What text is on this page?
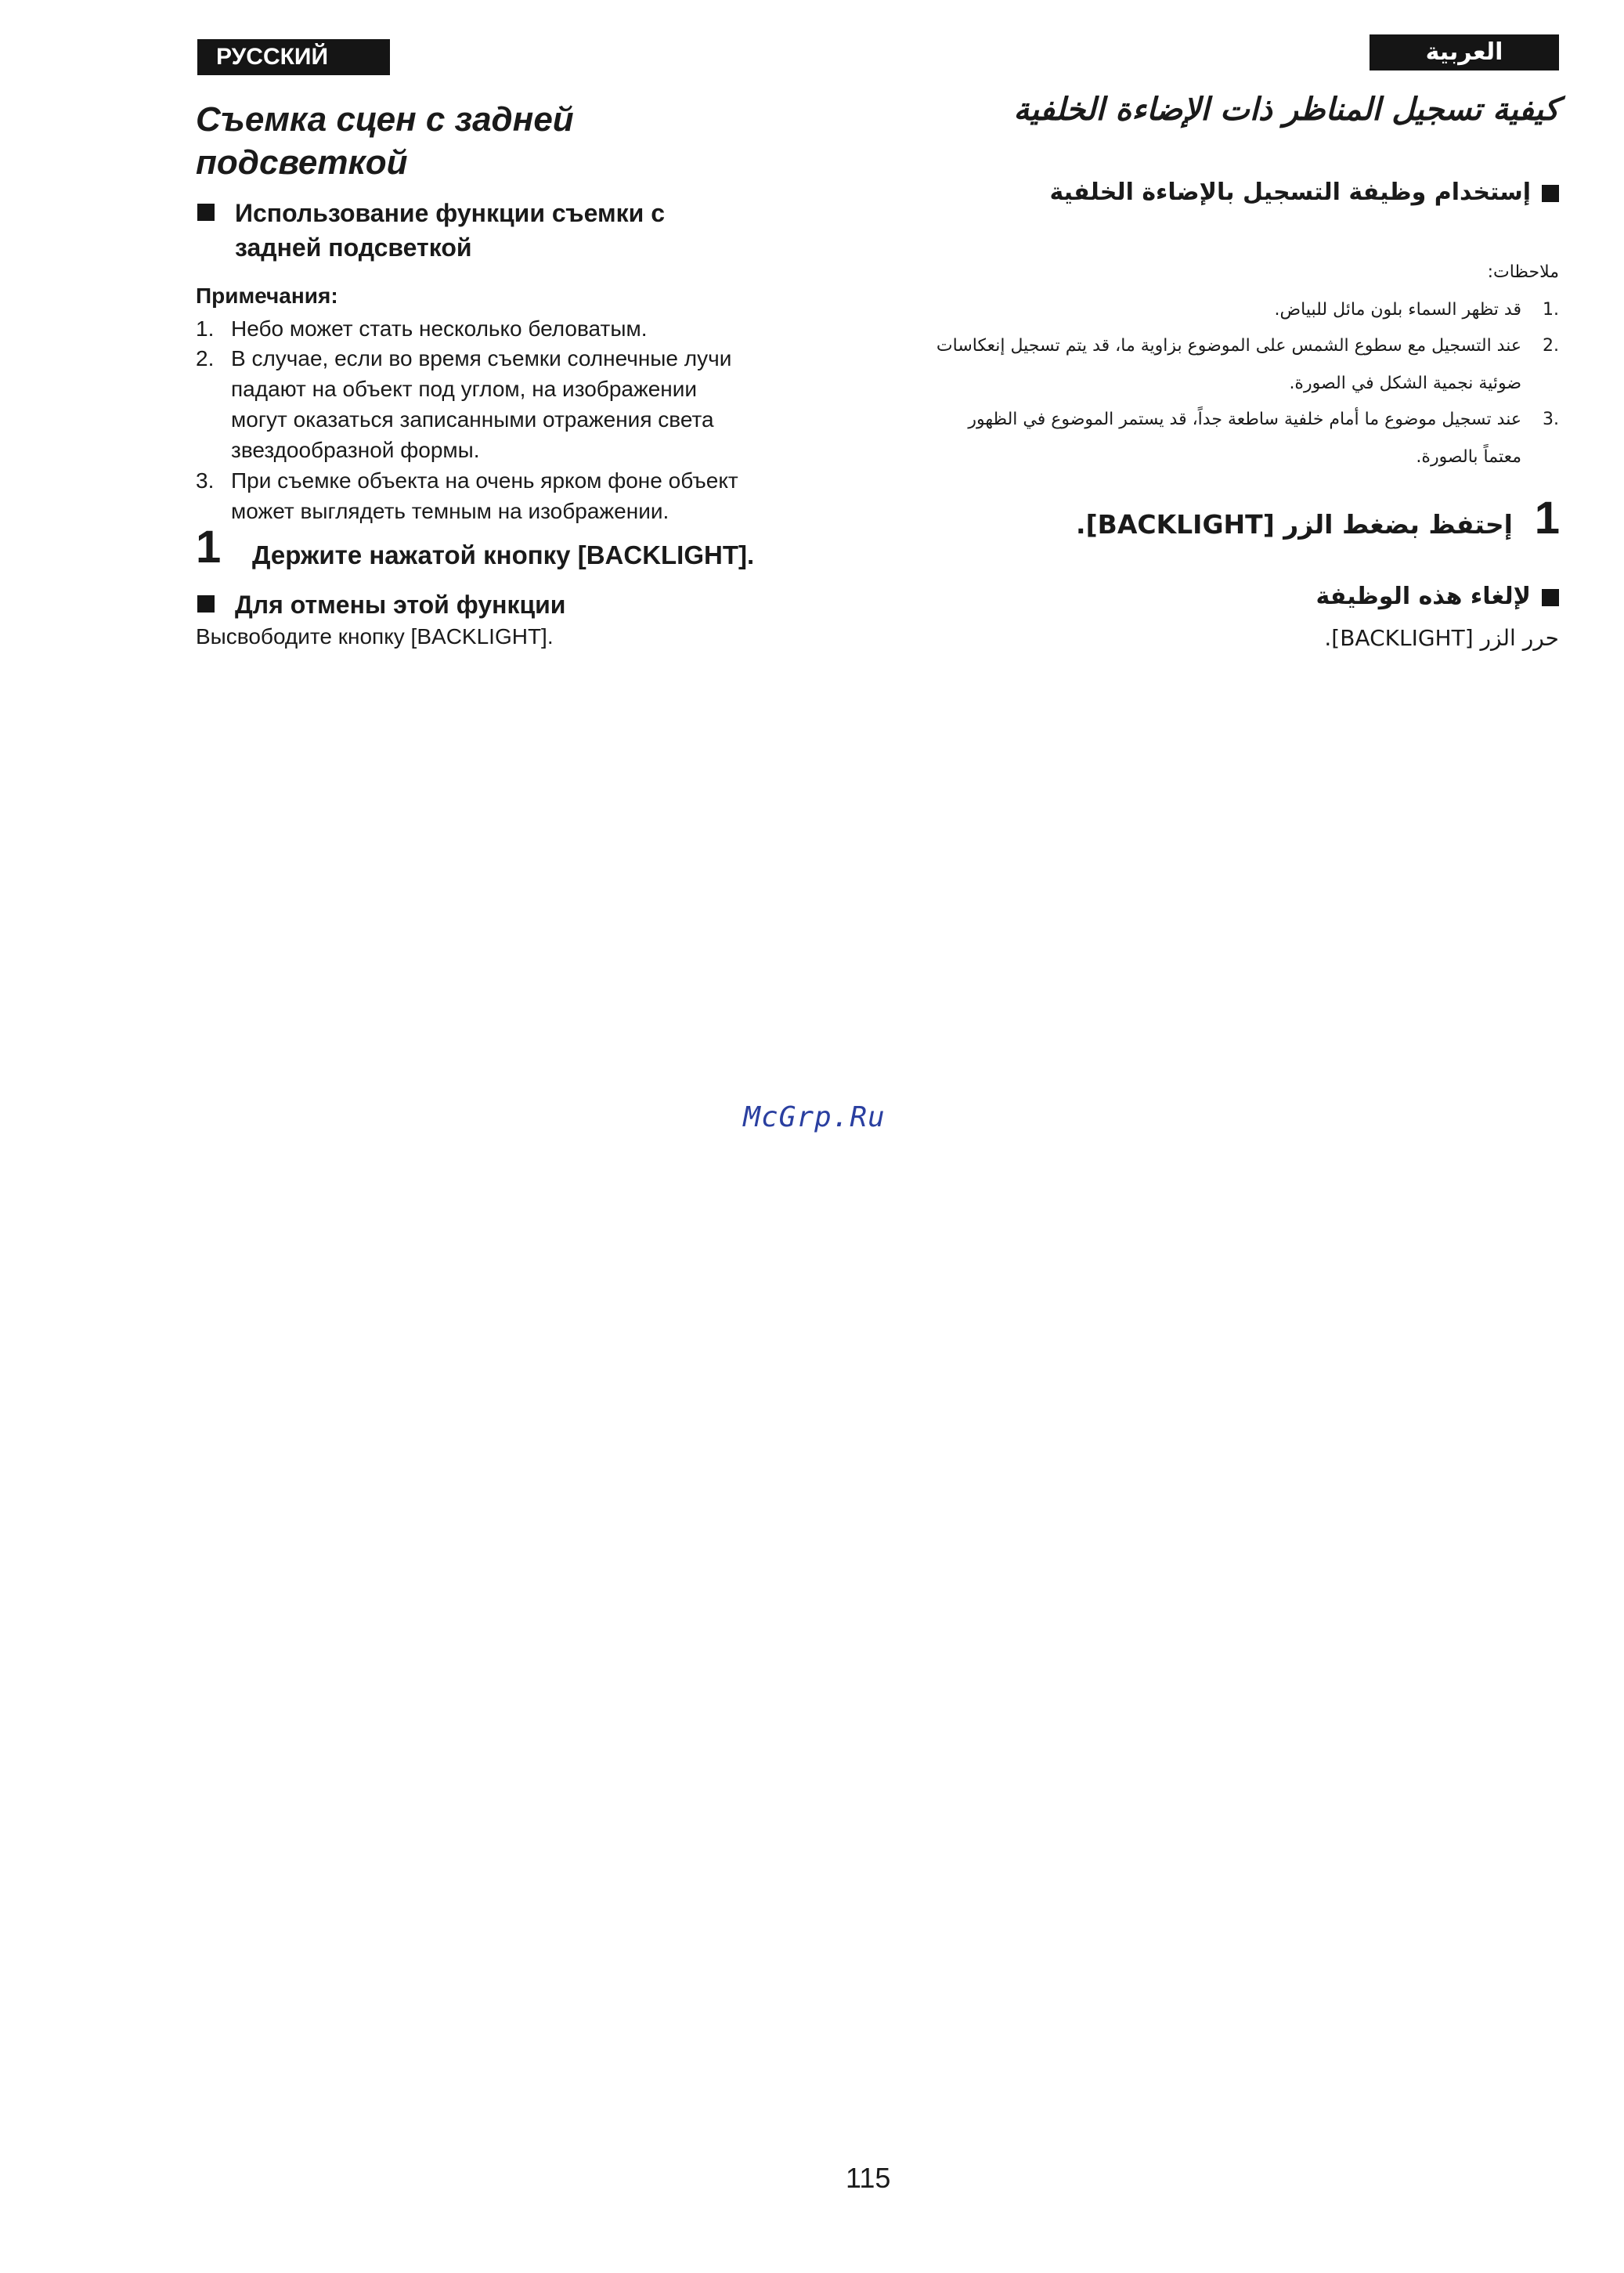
РУССКИЙ ЯЗЫК
Съемка сцен с задней
подсветкой
Использование функции съемки с
задней подсветкой
Примечания:
1. Небо может стать несколько беловатым.
2. В случае, если во время съемки солнечные лучи
падают на объект под углом, на изображении
могут оказаться записанными отражения света
звездообразной формы.
3. При съемке объекта на очень ярком фоне объект
может выглядеть темным на изображении.
1 Держите нажатой кнопку [BACKLIGHT].
Для отмены этой функции
Высвободите кнопку [BACKLIGHT].
العربية
كيفية تسجيل المناظر ذات الإضاءة الخلفية
إستخدام وظيفة التسجيل بالإضاءة الخلفية
ملاحظات:
1.
قد تظهر السماء بلون مائل للبياض.
2.
عند التسجيل مع سطوع الشمس على الموضوع بزاوية ما، قد يتم تسجيل إنعكاسات
ضوئية نجمية الشكل في الصورة.
3.
عند تسجيل موضوع ما أمام خلفية ساطعة جداً، قد يستمر الموضوع في الظهور
معتماً بالصورة.
1
إحتفظ بضغط الزر [BACKLIGHT].
لإلغاء هذه الوظيفة
حرر الزر [BACKLIGHT].
McGrp.Ru
115
